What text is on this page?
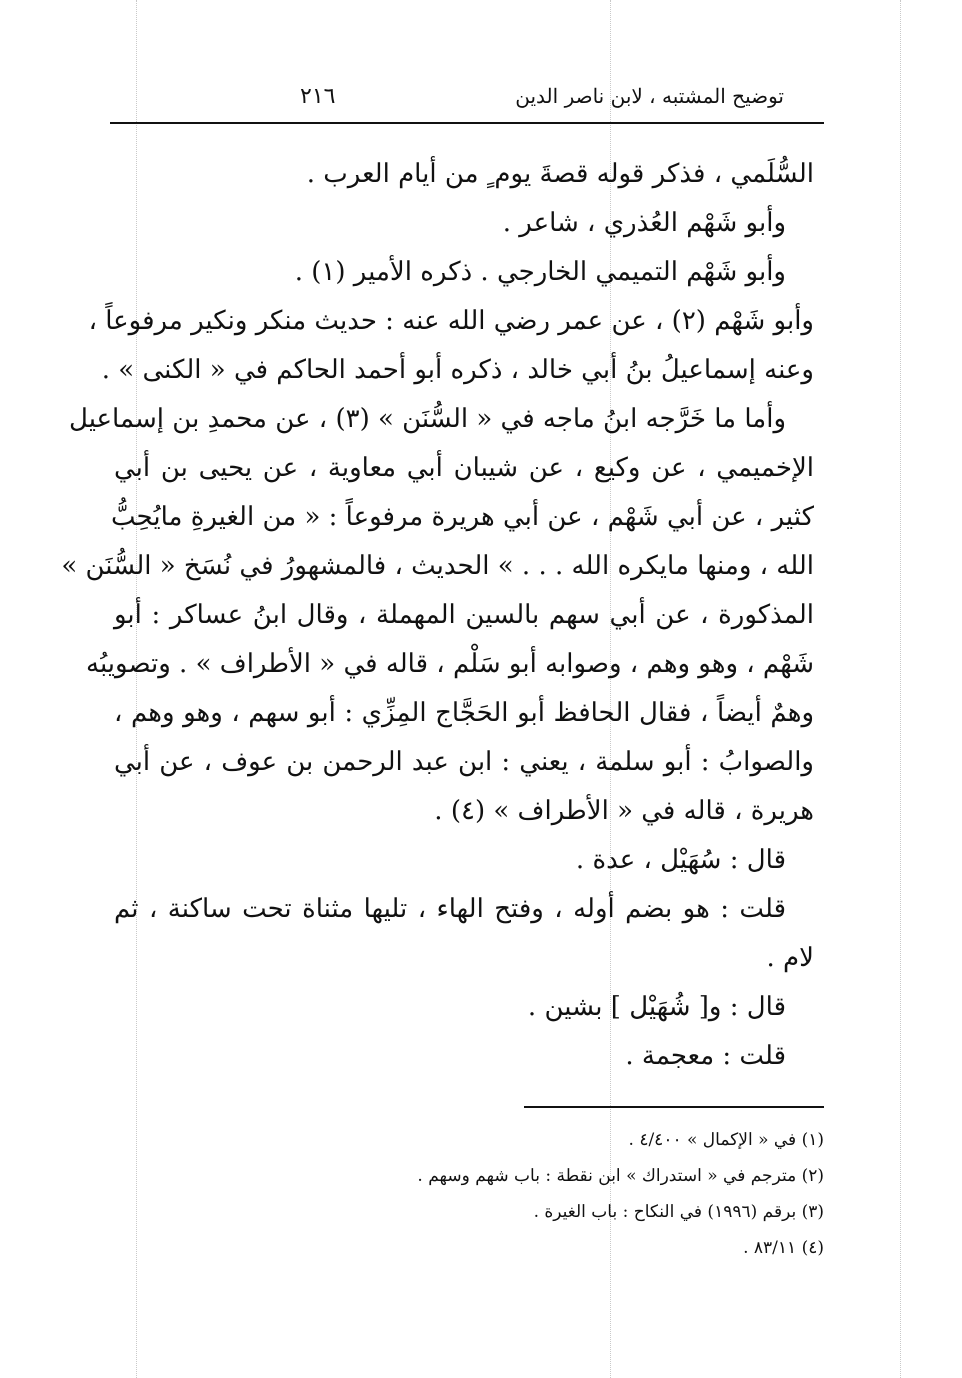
توضيح المشتبه ، لابن ناصر الدين
٢١٦
السُّلَمي ، فذكر قوله قصةَ يوم ٍ من أيام العرب .
وأبو شَهْم العُذري ، شاعر .
وأبو شَهْم التميمي الخارجي . ذكره الأمير (١) .
وأبو شَهْم (٢) ، عن عمر رضي الله عنه : حديث منكر ونكير مرفوعاً ،
وعنه إسماعيلُ بنُ أبي خالد ، ذكره أبو أحمد الحاكم في « الكنى » .
وأما ما خَرَّجه ابنُ ماجه في « السُّنَن » (٣) ، عن محمدِ بن إسماعيل
الإخميمي ، عن وكيع ، عن شيبان أبي معاوية ، عن يحيى بن أبي
كثير ، عن أبي شَهْم ، عن أبي هريرة مرفوعاً : « من الغيرةِ مايُحِبُّ
الله ، ومنها مايكره الله . . . » الحديث ، فالمشهورُ في نُسَخ « السُّنَن »
المذكورة ، عن أبي سهم بالسين المهملة ، وقال ابنُ عساكر : أبو
شَهْم ، وهو وهم ، وصوابه أبو سَلْم ، قاله في « الأطراف » . وتصويبُه
وهمٌ أيضاً ، فقال الحافظ أبو الحَجَّاج المِزِّي : أبو سهم ، وهو وهم ،
والصوابُ : أبو سلمة ، يعني : ابن عبد الرحمن بن عوف ، عن أبي
هريرة ، قاله في « الأطراف » (٤) .
قال : سُهَيْل ، عدة .
قلت : هو بضم أوله ، وفتح الهاء ، تليها مثناة تحت ساكنة ، ثم
لام .
قال : و[ شُهَيْل ] بشين .
قلت : معجمة .
(١) في « الإكمال » ٤/٤٠٠ .
(٢) مترجم في « استدراك » ابن نقطة : باب شهم وسهم .
(٣) برقم (١٩٩٦) في النكاح : باب الغيرة .
(٤) ٨٣/١١ .
